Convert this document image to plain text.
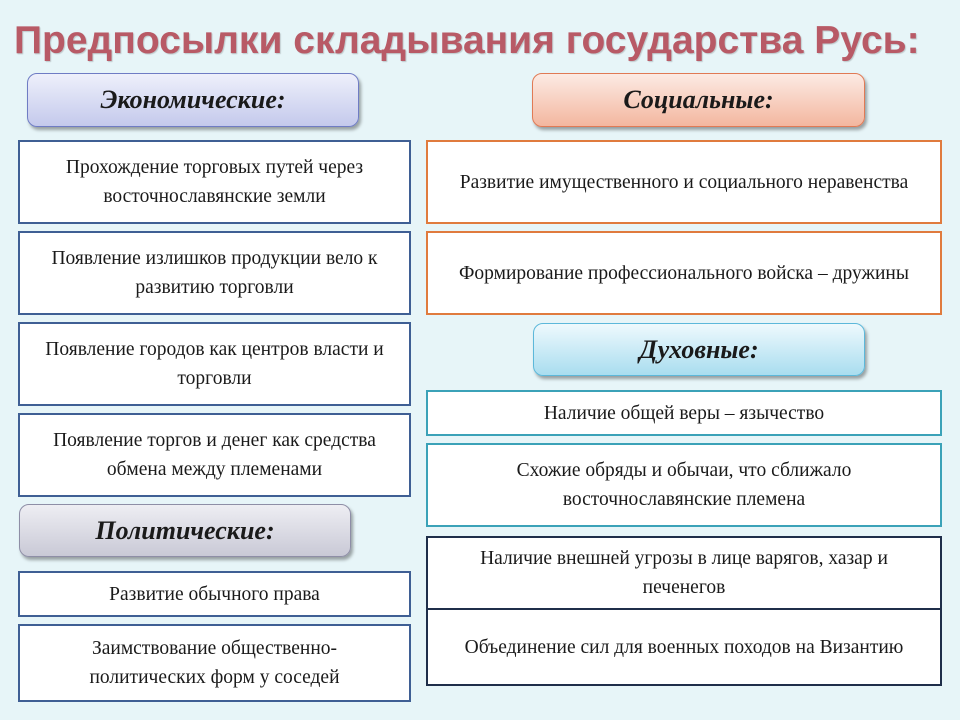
Предпосылки складывания государства Русь:
Экономические:
Прохождение торговых путей через восточнославянские земли
Появление излишков продукции вело к развитию торговли
Появление городов как центров власти и торговли
Появление торгов и денег как средства обмена между племенами
Политические:
Развитие обычного права
Заимствование общественно-политических форм у соседей
Социальные:
Развитие имущественного и социального неравенства
Формирование профессионального войска – дружины
Духовные:
Наличие общей веры – язычество
Схожие обряды и обычаи, что сближало восточнославянские племена
Наличие внешней угрозы в лице варягов, хазар и печенегов
Объединение сил для военных походов на Византию
